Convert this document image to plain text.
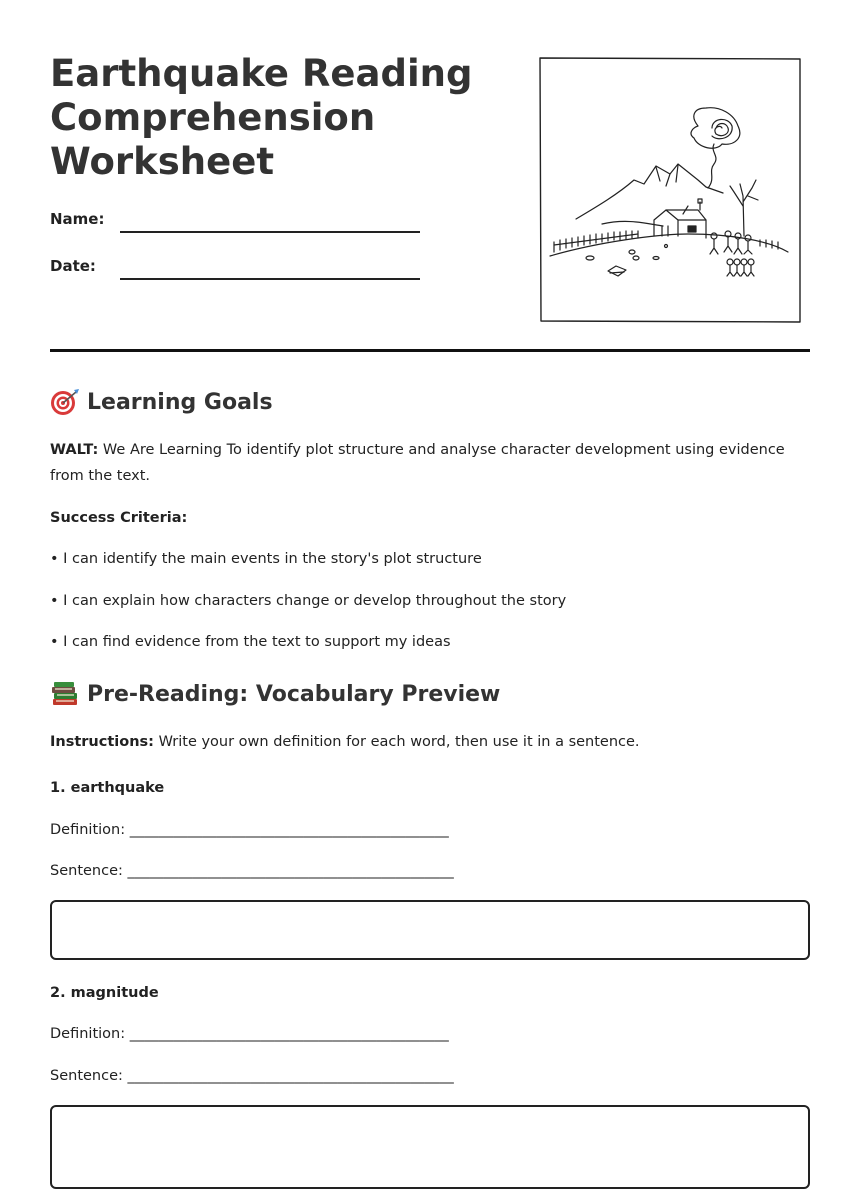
Earthquake Reading Comprehension Worksheet
Name:
Date:
Learning Goals

WALT: We Are Learning To identify plot structure and analyse character development using evidence from the text.

Success Criteria:

• I can identify the main events in the story's plot structure

• I can explain how characters change or develop throughout the story

• I can find evidence from the text to support my ideas

Pre-Reading: Vocabulary Preview

Instructions: Write your own definition for each word, then use it in a sentence.

1. earthquake

Definition: ____________________________________________

Sentence: _____________________________________________

2. magnitude

Definition: ____________________________________________

Sentence: _____________________________________________
